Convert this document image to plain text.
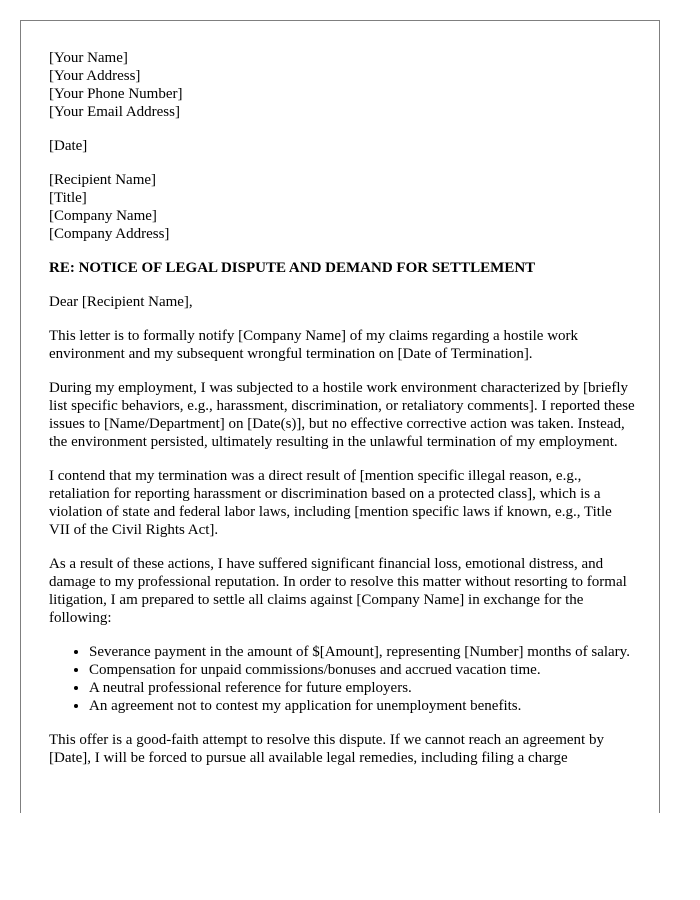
[Your Name]
[Your Address]
[Your Phone Number]
[Your Email Address]
[Date]
[Recipient Name]
[Title]
[Company Name]
[Company Address]
RE: NOTICE OF LEGAL DISPUTE AND DEMAND FOR SETTLEMENT

Dear [Recipient Name],

This letter is to formally notify [Company Name] of my claims regarding a hostile work environment and my subsequent wrongful termination on [Date of Termination].

During my employment, I was subjected to a hostile work environment characterized by [briefly list specific behaviors, e.g., harassment, discrimination, or retaliatory comments]. I reported these issues to [Name/Department] on [Date(s)], but no effective corrective action was taken. Instead, the environment persisted, ultimately resulting in the unlawful termination of my employment.

I contend that my termination was a direct result of [mention specific illegal reason, e.g., retaliation for reporting harassment or discrimination based on a protected class], which is a violation of state and federal labor laws, including [mention specific laws if known, e.g., Title VII of the Civil Rights Act].

As a result of these actions, I have suffered significant financial loss, emotional distress, and damage to my professional reputation. In order to resolve this matter without resorting to formal litigation, I am prepared to settle all claims against [Company Name] in exchange for the following:

• Severance payment in the amount of $[Amount], representing [Number] months of salary.
• Compensation for unpaid commissions/bonuses and accrued vacation time.
• A neutral professional reference for future employers.
• An agreement not to contest my application for unemployment benefits.

This offer is a good-faith attempt to resolve this dispute. If we cannot reach an agreement by [Date], I will be forced to pursue all available legal remedies, including filing a charge
